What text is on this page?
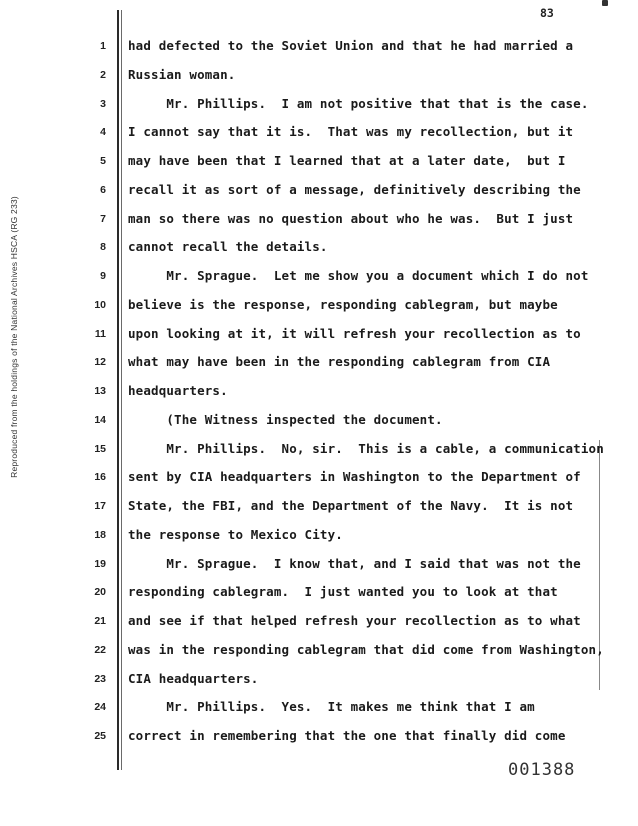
Reproduced from the holdings of the National Archives HSCA (RG 233)
83
1 had defected to the Soviet Union and that he had married a
2 Russian woman.
3 Mr. Phillips.  I am not positive that that is the case.
4 I cannot say that it is.  That was my recollection, but it
5 may have been that I learned that at a later date,  but I
6 recall it as sort of a message, definitively describing the
7 man so there was no question about who he was.  But I just
8 cannot recall the details.
9 Mr. Sprague.  Let me show you a document which I do not
10 believe is the response, responding cablegram, but maybe
11 upon looking at it, it will refresh your recollection as to
12 what may have been in the responding cablegram from CIA
13 headquarters.
14 (The Witness inspected the document.
15 Mr. Phillips.  No, sir.  This is a cable, a communication
16 sent by CIA headquarters in Washington to the Department of
17 State, the FBI, and the Department of the Navy.  It is not
18 the response to Mexico City.
19 Mr. Sprague.  I know that, and I said that was not the
20 responding cablegram.  I just wanted you to look at that
21 and see if that helped refresh your recollection as to what
22 was in the responding cablegram that did come from Washington,
23 CIA headquarters.
24 Mr. Phillips.  Yes.  It makes me think that I am
25 correct in remembering that the one that finally did come
001388
